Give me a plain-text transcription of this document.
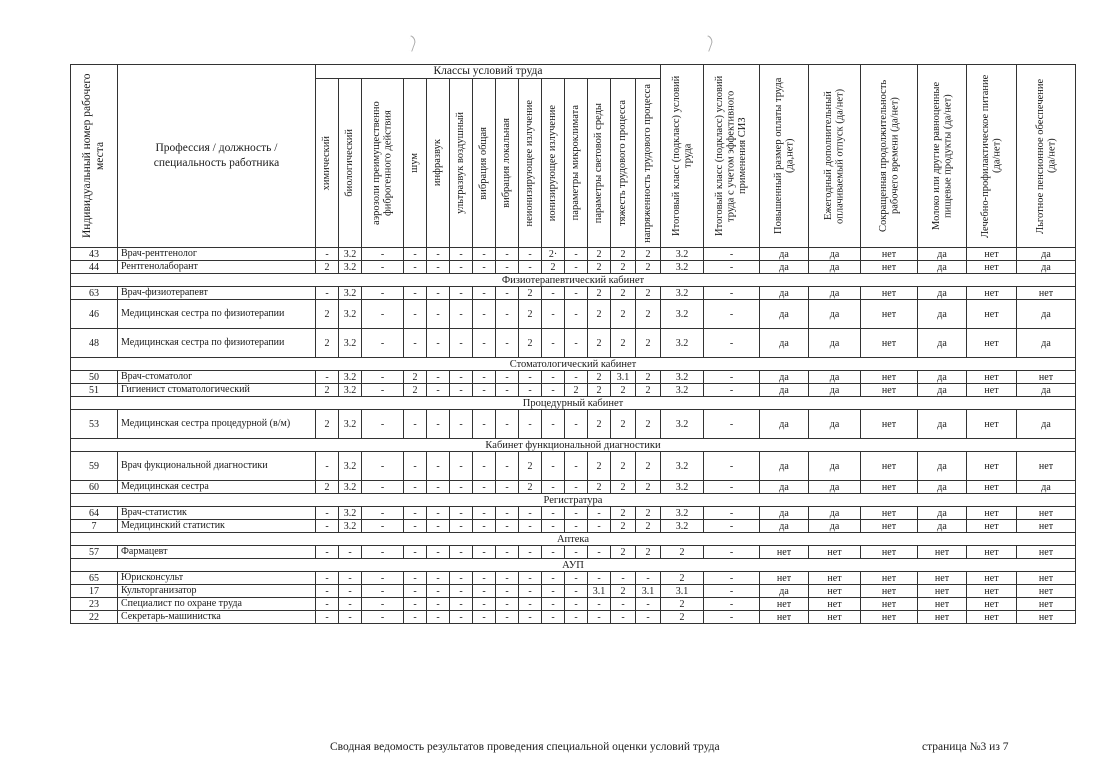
Индивидуальный номер рабочего места	Профессия / должность / специальность работника	Классы условий труда														Итоговый класс (подкласс) условий труда	Итоговый класс (подкласс) условий труда с учетом эффективного применения СИЗ	Повышенный размер оплаты труда (да,нет)	Ежегодный дополнительный оплачиваемый отпуск (да/нет)	Сокращенная продолжительность рабочего времени (да/нет)	Молоко или другие равноценные пищевые продукты (да/нет)	Лечебно-профилактическое питание (да/нет)	Льготное пенсионное обеспечение (да/нет)

		химический	биологический	аэрозоли преимущественно фиброгенного действия	шум	инфразвук	ультразвук воздушный	вибрация общая	вибрация локальная	неионизирующее излучение	ионизирующее излучение	параметры микроклимата	параметры световой среды	тяжесть трудового процесса	напряженность трудового процесса								

43	Врач-рентгенолог	-	3.2	-	-	-	-	-	-	-	2·	-	2	2	2	3.2	-	да	да	нет	да	нет	да
44	Рентгенолаборант	2	3.2	-	-	-	-	-	-	-	2	-	2	2	2	3.2	-	да	да	нет	да	нет	да
Физиотерапевтический кабинет																							
63	Врач-физиотерапевт	-	3.2	-	-	-	-	-	-	2	-	-	2	2	2	3.2	-	да	да	нет	да	нет	нет
46	Медицинская сестра по физиотерапии	2	3.2	-	-	-	-	-	-	2	-	-	2	2	2	3.2	-	да	да	нет	да	нет	да
48	Медицинская сестра по физиотерапии	2	3.2	-	-	-	-	-	-	2	-	-	2	2	2	3.2	-	да	да	нет	да	нет	да
Стоматологический кабинет																							
50	Врач-стоматолог	-	3.2	-	2	-	-	-	-	-	-	-	2	3.1	2	3.2	-	да	да	нет	да	нет	нет
51	Гигиенист стоматологический	2	3.2	-	2	-	-	-	-	-	-	2	2	2	2	3.2	-	да	да	нет	да	нет	да
Процедурный кабинет																							
53	Медицинская сестра процедурной (в/м)	2	3.2	-	-	-	-	-	-	-	-	-	2	2	2	3.2	-	да	да	нет	да	нет	да
Кабинет функциональной диагностики																							
59	Врач фукциональной диагностики	-	3.2	-	-	-	-	-	-	2	-	-	2	2	2	3.2	-	да	да	нет	да	нет	нет
60	Медицинская сестра	2	3.2	-	-	-	-	-	-	2	-	-	2	2	2	3.2	-	да	да	нет	да	нет	да
Регистратура																							
64	Врач-статистик	-	3.2	-	-	-	-	-	-	-	-	-	-	2	2	3.2	-	да	да	нет	да	нет	нет
7	Медицинский статистик	-	3.2	-	-	-	-	-	-	-	-	-	-	2	2	3.2	-	да	да	нет	да	нет	нет
Аптека																							
57	Фармацевт	-	-	-	-	-	-	-	-	-	-	-	-	2	2	2	-	нет	нет	нет	нет	нет	нет
АУП																							
65	Юрисконсульт	-	-	-	-	-	-	-	-	-	-	-	-	-	-	2	-	нет	нет	нет	нет	нет	нет
17	Культорганизатор	-	-	-	-	-	-	-	-	-	-	-	3.1	2	3.1	3.1	-	да	нет	нет	нет	нет	нет
23	Специалист по охране труда	-	-	-	-	-	-	-	-	-	-	-	-	-	-	2	-	нет	нет	нет	нет	нет	нет
22	Секретарь-машинистка	-	-	-	-	-	-	-	-	-	-	-	-	-	-	2	-	нет	нет	нет	нет	нет	нет
Сводная ведомость результатов проведения специальной оценки условий труда	страница №3 из 7
